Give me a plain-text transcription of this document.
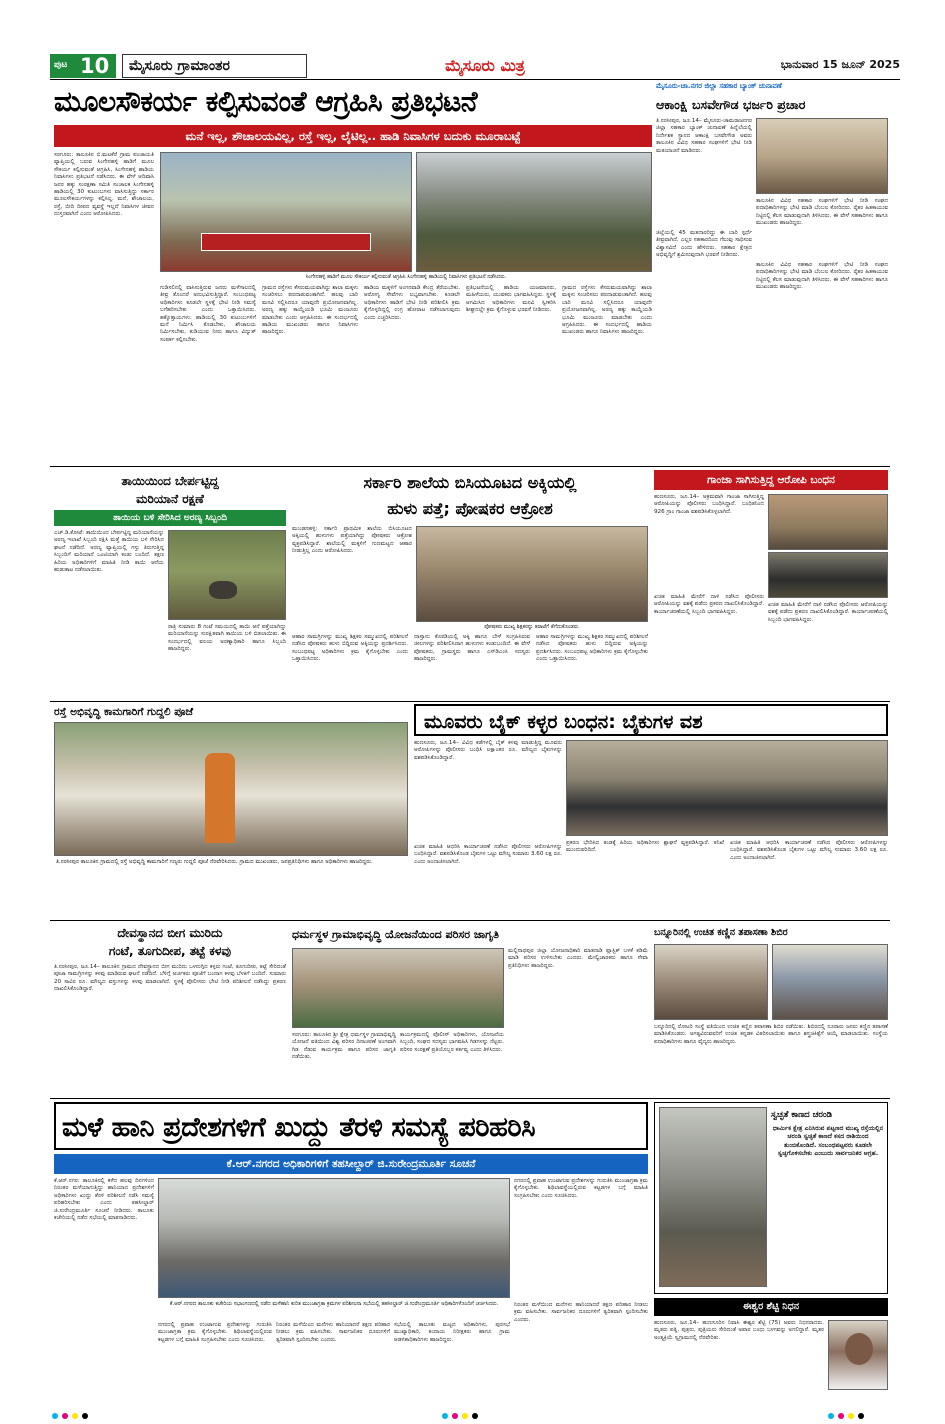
ಪುಟ 10	ಮೈಸೂರು ಗ್ರಾಮಾಂತರ	ಮೈಸೂರು ಮಿತ್ರ	ಭಾನುವಾರ 15 ಜೂನ್ 2025
ಮೂಲಸೌಕರ್ಯ ಕಲ್ಪಿಸುವಂತೆ ಆಗ್ರಹಿಸಿ ಪ್ರತಿಭಟನೆ
ಮನೆ ಇಲ್ಲ, ಶೌಚಾಲಯವಿಲ್ಲ, ರಸ್ತೆ ಇಲ್ಲ, ಲೈಟಿಲ್ಲ.. ಹಾಡಿ ನಿವಾಸಿಗಳ ಬದುಕು ಮೂರಾಬಟ್ಟೆ
ಸರಗೂರು: ತಾಲೂಕಿನ ಬಿ.ಮಟಕೆರೆ ಗ್ರಾಮ ಪಂಚಾಯತಿ ವ್ಯಾಪ್ತಿಯಲ್ಲಿ ಬರುವ ಸಿಂಗೇನಹಳ್ಳಿ ಹಾಡಿಗೆ ಮೂಲ ಸೌಕರ್ಯ ಕಲ್ಪಿಸುವಂತೆ ಆಗ್ರಹಿಸಿ, ಸಿಂಗೇನಹಳ್ಳಿ ಹಾಡಿಯ ನಿವಾಸಿಗಳು ಪ್ರತಿಭಟನೆ ನಡೆಸಿದರು. ಈ ವೇಳೆ ಆದಿವಾಸಿ ಜನರ ಹಕ್ಕು ಸಂರಕ್ಷಣಾ ಸಮಿತಿ ಸಂಚಾಲಕ ಸಿಂಗೇನಹಳ್ಳಿ ಹಾಡಿಯಲ್ಲಿ 30 ಕುಟುಂಬಗಳು ವಾಸಿಸುತ್ತಿದ್ದು ಸರ್ಕಾರ ಮೂಲಸೌಕರ್ಯಗಳನ್ನು ಕಲ್ಪಿಸಿಲ್ಲ. ಮನೆ, ಶೌಚಾಲಯ, ರಸ್ತೆ, ಬೀದಿ ದೀಪದ ವ್ಯವಸ್ಥೆ ಇಲ್ಲದೆ ನಿವಾಸಿಗಳ ಜೀವನ ದುಸ್ತರವಾಗಿದೆ ಎಂದು ಆರೋಪಿಸಿದರು.
ಸಿಂಗೇನಹಳ್ಳಿ ಹಾಡಿಗೆ ಮೂಲ ಸೌಕರ್ಯ ಕಲ್ಪಿಸುವಂತೆ ಆಗ್ರಹಿಸಿ ಸಿಂಗೇನಹಳ್ಳಿ ಹಾಡಿಯಲ್ಲಿ ನಿವಾಸಿಗಳು ಪ್ರತಿಭಟನೆ ನಡೆಸಿದರು.
ಗುಡಿಸಲಿನಲ್ಲಿ ವಾಸಿಸುತ್ತಿರುವ ಜನರು ಮಳೆಗಾಲದಲ್ಲಿ ತೀವ್ರ ತೊಂದರೆ ಅನುಭವಿಸುತ್ತಿದ್ದಾರೆ. ಸಂಬಂಧಪಟ್ಟ ಅಧಿಕಾರಿಗಳು ಕೂಡಲೇ ಸ್ಥಳಕ್ಕೆ ಭೇಟಿ ನೀಡಿ ಸಮಸ್ಯೆ ಬಗೆಹರಿಸಬೇಕು ಎಂದು ಒತ್ತಾಯಿಸಿದರು. ಹಕ್ಕೊತ್ತಾಯಗಳು: ಹಾಡಿಯಲ್ಲಿ 30 ಕುಟುಂಬಗಳಿಗೆ ಮನೆ ನಿರ್ಮಿಸಿ ಕೊಡಬೇಕು, ಶೌಚಾಲಯ ನಿರ್ಮಿಸಬೇಕು, ಕುಡಿಯುವ ನೀರು ಹಾಗೂ ವಿದ್ಯುತ್ ಸಂಪರ್ಕ ಕಲ್ಪಿಸಬೇಕು.
ಗ್ರಾಮದ ರಸ್ತೆಗಳು ಕೆಸರುಮಯವಾಗಿದ್ದು ಶಾಲಾ ಮಕ್ಕಳು ಸಂಚರಿಸಲು ಪರದಾಡುವಂತಾಗಿದೆ. ಹಲವು ಬಾರಿ ಮನವಿ ಸಲ್ಲಿಸಿದರೂ ಯಾವುದೇ ಪ್ರಯೋಜನವಾಗಿಲ್ಲ. ಅರಣ್ಯ ಹಕ್ಕು ಕಾಯ್ದೆಯಡಿ ಭೂಮಿ ಮಂಜೂರು ಮಾಡಬೇಕು ಎಂದು ಆಗ್ರಹಿಸಿದರು. ಈ ಸಂದರ್ಭದಲ್ಲಿ ಹಾಡಿಯ ಮುಖಂಡರು ಹಾಗೂ ನಿವಾಸಿಗಳು ಹಾಜರಿದ್ದರು.
ಹಾಡಿಯ ಮಕ್ಕಳಿಗೆ ಅಂಗನವಾಡಿ ಕೇಂದ್ರ ತೆರೆಯಬೇಕು. ಆರೋಗ್ಯ ಸೇವೆಗಳು ಲಭ್ಯವಾಗಬೇಕು. ಕೂಡಲೇ ಅಧಿಕಾರಿಗಳು ಹಾಡಿಗೆ ಭೇಟಿ ನೀಡಿ ಪರಿಶೀಲಿಸಿ ಕ್ರಮ ಕೈಗೊಳ್ಳದಿದ್ದಲ್ಲಿ ಉಗ್ರ ಹೋರಾಟ ನಡೆಸಲಾಗುವುದು ಎಂದು ಎಚ್ಚರಿಸಿದರು.
ಪ್ರತಿಭಟನೆಯಲ್ಲಿ ಹಾಡಿಯ ಯಜಮಾನರು, ಮಹಿಳೆಯರು, ಯುವಕರು ಭಾಗವಹಿಸಿದ್ದರು. ಸ್ಥಳಕ್ಕೆ ಆಗಮಿಸಿದ ಅಧಿಕಾರಿಗಳು ಮನವಿ ಸ್ವೀಕರಿಸಿ ಶೀಘ್ರದಲ್ಲೇ ಕ್ರಮ ಕೈಗೊಳ್ಳುವ ಭರವಸೆ ನೀಡಿದರು.
ಗ್ರಾಮದ ರಸ್ತೆಗಳು ಕೆಸರುಮಯವಾಗಿದ್ದು ಶಾಲಾ ಮಕ್ಕಳು ಸಂಚರಿಸಲು ಪರದಾಡುವಂತಾಗಿದೆ. ಹಲವು ಬಾರಿ ಮನವಿ ಸಲ್ಲಿಸಿದರೂ ಯಾವುದೇ ಪ್ರಯೋಜನವಾಗಿಲ್ಲ. ಅರಣ್ಯ ಹಕ್ಕು ಕಾಯ್ದೆಯಡಿ ಭೂಮಿ ಮಂಜೂರು ಮಾಡಬೇಕು ಎಂದು ಆಗ್ರಹಿಸಿದರು. ಈ ಸಂದರ್ಭದಲ್ಲಿ ಹಾಡಿಯ ಮುಖಂಡರು ಹಾಗೂ ನಿವಾಸಿಗಳು ಹಾಜರಿದ್ದರು.
ಮೈಸೂರು-ಚಾ.ನಗರ ಜಿಲ್ಲಾ ಸಹಕಾರ ಬ್ಯಾಂಕ್ ಚುನಾವಣೆ
ಆಕಾಂಕ್ಷಿ ಬಸವೇಗೌಡ ಭರ್ಜರಿ ಪ್ರಚಾರ
ತಿ.ನರಸೀಪುರ, ಜೂ.14– ಮೈಸೂರು-ಚಾಮರಾಜನಗರ ಜಿಲ್ಲಾ ಸಹಕಾರ ಬ್ಯಾಂಕ್ ಚುನಾವಣೆ ಹಿನ್ನೆಲೆಯಲ್ಲಿ ನಿರ್ದೇಶಕ ಸ್ಥಾನದ ಆಕಾಂಕ್ಷಿ ಬಸವೇಗೌಡ ಅವರು ತಾಲೂಕಿನ ವಿವಿಧ ಸಹಕಾರ ಸಂಘಗಳಿಗೆ ಭೇಟಿ ನೀಡಿ ಮತಯಾಚನೆ ಮಾಡಿದರು.
ತಾಲೂಕಿನ ವಿವಿಧ ಸಹಕಾರ ಸಂಘಗಳಿಗೆ ಭೇಟಿ ನೀಡಿ ಸಂಘದ ಪದಾಧಿಕಾರಿಗಳನ್ನು ಭೇಟಿ ಮಾಡಿ ಬೆಂಬಲ ಕೋರಿದರು. ರೈತರ ಹಿತಕಾಯುವ ನಿಟ್ಟಿನಲ್ಲಿ ಕೆಲಸ ಮಾಡುವುದಾಗಿ ತಿಳಿಸಿದರು. ಈ ವೇಳೆ ಸಹಕಾರಿಗಳು ಹಾಗೂ ಮುಖಂಡರು ಹಾಜರಿದ್ದರು.
ಜಿಲ್ಲೆಯಲ್ಲಿ 45 ಮತದಾರರಿದ್ದು ಈ ಬಾರಿ ಸ್ಪರ್ಧೆ ತೀವ್ರವಾಗಿದೆ. ಎಲ್ಲರ ಸಹಕಾರದಿಂದ ಗೆಲುವು ಸಾಧಿಸುವ ವಿಶ್ವಾಸವಿದೆ ಎಂದು ಹೇಳಿದರು. ಸಹಕಾರ ಕ್ಷೇತ್ರದ ಅಭಿವೃದ್ಧಿಗೆ ಶ್ರಮಿಸುವುದಾಗಿ ಭರವಸೆ ನೀಡಿದರು.
ತಾಲೂಕಿನ ವಿವಿಧ ಸಹಕಾರ ಸಂಘಗಳಿಗೆ ಭೇಟಿ ನೀಡಿ ಸಂಘದ ಪದಾಧಿಕಾರಿಗಳನ್ನು ಭೇಟಿ ಮಾಡಿ ಬೆಂಬಲ ಕೋರಿದರು. ರೈತರ ಹಿತಕಾಯುವ ನಿಟ್ಟಿನಲ್ಲಿ ಕೆಲಸ ಮಾಡುವುದಾಗಿ ತಿಳಿಸಿದರು. ಈ ವೇಳೆ ಸಹಕಾರಿಗಳು ಹಾಗೂ ಮುಖಂಡರು ಹಾಜರಿದ್ದರು.
ತಾಯಿಯಿಂದ ಬೇರ್ಪಟ್ಟಿದ್ದ
ಮರಿಯಾನೆ ರಕ್ಷಣೆ
ತಾಯಿಯ ಬಳಿ ಸೇರಿಸಿದ ಅರಣ್ಯ ಸಿಬ್ಬಂದಿ
ಎಚ್.ಡಿ.ಕೋಟೆ: ತಾಯಿಯಿಂದ ಬೇರ್ಪಟ್ಟಿದ್ದ ಮರಿಯಾನೆಯನ್ನು ಅರಣ್ಯ ಇಲಾಖೆ ಸಿಬ್ಬಂದಿ ರಕ್ಷಿಸಿ ಮತ್ತೆ ತಾಯಿಯ ಬಳಿ ಸೇರಿಸಿದ ಘಟನೆ ನಡೆದಿದೆ. ಅರಣ್ಯ ವ್ಯಾಪ್ತಿಯಲ್ಲಿ ಗಸ್ತು ತಿರುಗುತ್ತಿದ್ದ ಸಿಬ್ಬಂದಿಗೆ ಮರಿಯಾನೆ ಒಂಟಿಯಾಗಿ ಕಂಡು ಬಂದಿದೆ. ತಕ್ಷಣ ಹಿರಿಯ ಅಧಿಕಾರಿಗಳಿಗೆ ಮಾಹಿತಿ ನೀಡಿ ತಾಯಿ ಆನೆಯ ಹುಡುಕಾಟ ನಡೆಸಲಾಯಿತು.
ರಾತ್ರಿ ಸುಮಾರು 8 ಗಂಟೆ ಸಮಯದಲ್ಲಿ ತಾಯಿ ಆನೆ ಪತ್ತೆಯಾಗಿದ್ದು ಮರಿಯಾನೆಯನ್ನು ಸುರಕ್ಷಿತವಾಗಿ ತಾಯಿಯ ಬಳಿ ಬಿಡಲಾಯಿತು. ಈ ಸಂದರ್ಭದಲ್ಲಿ ವಲಯ ಅರಣ್ಯಾಧಿಕಾರಿ ಹಾಗೂ ಸಿಬ್ಬಂದಿ ಹಾಜರಿದ್ದರು.
ಸರ್ಕಾರಿ ಶಾಲೆಯ ಬಿಸಿಯೂಟದ ಅಕ್ಕಿಯಲ್ಲಿ
ಹುಳು ಪತ್ತೆ; ಪೋಷಕರ ಆಕ್ರೋಶ
ಮುಂಡನಹಳ್ಳಿ: ಸರ್ಕಾರಿ ಪ್ರಾಥಮಿಕ ಶಾಲೆಯ ಬಿಸಿಯೂಟದ ಅಕ್ಕಿಯಲ್ಲಿ ಹುಳುಗಳು ಪತ್ತೆಯಾಗಿದ್ದು ಪೋಷಕರು ಆಕ್ರೋಶ ವ್ಯಕ್ತಪಡಿಸಿದ್ದಾರೆ. ಶಾಲೆಯಲ್ಲಿ ಮಕ್ಕಳಿಗೆ ಗುಣಮಟ್ಟದ ಆಹಾರ ನೀಡುತ್ತಿಲ್ಲ ಎಂದು ಆರೋಪಿಸಿದರು.
ಪೋಷಕರು ಮುಖ್ಯ ಶಿಕ್ಷಕರನ್ನು ತರಾಟೆಗೆ ತೆಗೆದುಕೊಂಡರು.
ಆಹಾರ ಸಾಮಗ್ರಿಗಳನ್ನು ಮುಖ್ಯ ಶಿಕ್ಷಕರ ಸಮ್ಮುಖದಲ್ಲಿ ಪರಿಶೀಲನೆ ನಡೆಸಿದ ಪೋಷಕರು ಹುಳು ಬಿದ್ದಿರುವ ಅಕ್ಕಿಯನ್ನು ಪ್ರದರ್ಶಿಸಿದರು. ಸಂಬಂಧಪಟ್ಟ ಅಧಿಕಾರಿಗಳು ಕ್ರಮ ಕೈಗೊಳ್ಳಬೇಕು ಎಂದು ಒತ್ತಾಯಿಸಿದರು.
ದಾಸ್ತಾನು ಕೊಠಡಿಯಲ್ಲಿ ಅಕ್ಕಿ ಹಾಗೂ ಬೇಳೆ ಸಂಗ್ರಹಿಸಿರುವ ಚೀಲಗಳನ್ನು ಪರಿಶೀಲಿಸಿದಾಗ ಹುಳುಗಳು ಕಂಡುಬಂದಿದೆ. ಈ ವೇಳೆ ಪೋಷಕರು, ಗ್ರಾಮಸ್ಥರು ಹಾಗೂ ಎಸ್‌ಡಿಎಂಸಿ ಸದಸ್ಯರು ಹಾಜರಿದ್ದರು.
ಆಹಾರ ಸಾಮಗ್ರಿಗಳನ್ನು ಮುಖ್ಯ ಶಿಕ್ಷಕರ ಸಮ್ಮುಖದಲ್ಲಿ ಪರಿಶೀಲನೆ ನಡೆಸಿದ ಪೋಷಕರು ಹುಳು ಬಿದ್ದಿರುವ ಅಕ್ಕಿಯನ್ನು ಪ್ರದರ್ಶಿಸಿದರು. ಸಂಬಂಧಪಟ್ಟ ಅಧಿಕಾರಿಗಳು ಕ್ರಮ ಕೈಗೊಳ್ಳಬೇಕು ಎಂದು ಒತ್ತಾಯಿಸಿದರು.
ಗಾಂಜಾ ಸಾಗಿಸುತ್ತಿದ್ದ ಆರೋಪಿ ಬಂಧನ
ಹುಣಸೂರು, ಜೂ.14– ಅಕ್ರಮವಾಗಿ ಗಾಂಜಾ ಸಾಗಿಸುತ್ತಿದ್ದ ಆರೋಪಿಯನ್ನು ಪೊಲೀಸರು ಬಂಧಿಸಿದ್ದಾರೆ. ಬಂಧಿತನಿಂದ 926 ಗ್ರಾಂ ಗಾಂಜಾ ವಶಪಡಿಸಿಕೊಳ್ಳಲಾಗಿದೆ.
ಖಚಿತ ಮಾಹಿತಿ ಮೇರೆಗೆ ದಾಳಿ ನಡೆಸಿದ ಪೊಲೀಸರು ಆರೋಪಿಯನ್ನು ವಶಕ್ಕೆ ಪಡೆದು ಪ್ರಕರಣ ದಾಖಲಿಸಿಕೊಂಡಿದ್ದಾರೆ. ಕಾರ್ಯಾಚರಣೆಯಲ್ಲಿ ಸಿಬ್ಬಂದಿ ಭಾಗವಹಿಸಿದ್ದರು.
ಖಚಿತ ಮಾಹಿತಿ ಮೇರೆಗೆ ದಾಳಿ ನಡೆಸಿದ ಪೊಲೀಸರು ಆರೋಪಿಯನ್ನು ವಶಕ್ಕೆ ಪಡೆದು ಪ್ರಕರಣ ದಾಖಲಿಸಿಕೊಂಡಿದ್ದಾರೆ. ಕಾರ್ಯಾಚರಣೆಯಲ್ಲಿ ಸಿಬ್ಬಂದಿ ಭಾಗವಹಿಸಿದ್ದರು.
ರಸ್ತೆ ಅಭಿವೃದ್ಧಿ ಕಾಮಗಾರಿಗೆ ಗುದ್ದಲಿ ಪೂಜೆ
ತಿ.ನರಸೀಪುರ ತಾಲೂಕಿನ ಗ್ರಾಮದಲ್ಲಿ ರಸ್ತೆ ಅಭಿವೃದ್ಧಿ ಕಾಮಗಾರಿಗೆ ಗಣ್ಯರು ಗುದ್ದಲಿ ಪೂಜೆ ನೆರವೇರಿಸಿದರು. ಗ್ರಾಮದ ಮುಖಂಡರು, ಜನಪ್ರತಿನಿಧಿಗಳು ಹಾಗೂ ಅಧಿಕಾರಿಗಳು ಹಾಜರಿದ್ದರು.
ಮೂವರು ಬೈಕ್ ಕಳ್ಳರ ಬಂಧನ: ಬೈಕುಗಳ ವಶ
ಹುಣಸೂರು, ಜೂ.14– ವಿವಿಧ ಕಡೆಗಳಲ್ಲಿ ಬೈಕ್ ಕಳವು ಮಾಡುತ್ತಿದ್ದ ಮೂವರು ಆರೋಪಿಗಳನ್ನು ಪೊಲೀಸರು ಬಂಧಿಸಿ ಲಕ್ಷಾಂತರ ರೂ. ಮೌಲ್ಯದ ಬೈಕುಗಳನ್ನು ವಶಪಡಿಸಿಕೊಂಡಿದ್ದಾರೆ.
ಖಚಿತ ಮಾಹಿತಿ ಆಧರಿಸಿ ಕಾರ್ಯಾಚರಣೆ ನಡೆಸಿದ ಪೊಲೀಸರು ಆರೋಪಿಗಳನ್ನು ಬಂಧಿಸಿದ್ದಾರೆ. ವಶಪಡಿಸಿಕೊಂಡ ಬೈಕುಗಳ ಒಟ್ಟು ಮೌಲ್ಯ ಸುಮಾರು 3.60 ಲಕ್ಷ ರೂ. ಎಂದು ಅಂದಾಜಿಸಲಾಗಿದೆ.
ಪ್ರಕರಣ ಭೇದಿಸಿದ ತಂಡಕ್ಕೆ ಹಿರಿಯ ಅಧಿಕಾರಿಗಳು ಶ್ಲಾಘನೆ ವ್ಯಕ್ತಪಡಿಸಿದ್ದಾರೆ. ತನಿಖೆ ಮುಂದುವರಿದಿದೆ.
ಖಚಿತ ಮಾಹಿತಿ ಆಧರಿಸಿ ಕಾರ್ಯಾಚರಣೆ ನಡೆಸಿದ ಪೊಲೀಸರು ಆರೋಪಿಗಳನ್ನು ಬಂಧಿಸಿದ್ದಾರೆ. ವಶಪಡಿಸಿಕೊಂಡ ಬೈಕುಗಳ ಒಟ್ಟು ಮೌಲ್ಯ ಸುಮಾರು 3.60 ಲಕ್ಷ ರೂ. ಎಂದು ಅಂದಾಜಿಸಲಾಗಿದೆ.
ದೇವಸ್ಥಾನದ ಬೀಗ ಮುರಿದು
ಗಂಟೆ, ತೂಗುದೀಪ, ತಟ್ಟೆ ಕಳವು
ತಿ.ನರಸೀಪುರ, ಜೂ.14– ತಾಲೂಕಿನ ಗ್ರಾಮದ ದೇವಸ್ಥಾನದ ಬೀಗ ಮುರಿದು ಒಳನುಗ್ಗಿದ ಕಳ್ಳರು ಗಂಟೆ, ತೂಗುದೀಪ, ತಟ್ಟೆ ಸೇರಿದಂತೆ ಪೂಜಾ ಸಾಮಗ್ರಿಗಳನ್ನು ಕಳವು ಮಾಡಿರುವ ಘಟನೆ ನಡೆದಿದೆ. ಬೆಳಿಗ್ಗೆ ಅರ್ಚಕರು ಪೂಜೆಗೆ ಬಂದಾಗ ಕಳವು ಬೆಳಕಿಗೆ ಬಂದಿದೆ. ಸುಮಾರು 20 ಸಾವಿರ ರೂ. ಮೌಲ್ಯದ ವಸ್ತುಗಳನ್ನು ಕಳವು ಮಾಡಲಾಗಿದೆ. ಸ್ಥಳಕ್ಕೆ ಪೊಲೀಸರು ಭೇಟಿ ನೀಡಿ ಪರಿಶೀಲನೆ ನಡೆಸಿದ್ದು ಪ್ರಕರಣ ದಾಖಲಿಸಿಕೊಂಡಿದ್ದಾರೆ.
ಧರ್ಮಸ್ಥಳ ಗ್ರಾಮಾಭಿವೃದ್ಧಿ ಯೋಜನೆಯಿಂದ ಪರಿಸರ ಜಾಗೃತಿ
ಮಲ್ಲಿನಾಥಪುರ ಜಿಲ್ಲಾ ಯೋಜನಾಧಿಕಾರಿ ಮಾತನಾಡಿ ಪ್ಲಾಸ್ಟಿಕ್ ಬಳಕೆ ಕಡಿಮೆ ಮಾಡಿ ಪರಿಸರ ಉಳಿಸಬೇಕು ಎಂದರು. ಮೇಲ್ವಿಚಾರಕರು ಹಾಗೂ ಸೇವಾ ಪ್ರತಿನಿಧಿಗಳು ಹಾಜರಿದ್ದರು.
ಸರಗೂರು: ತಾಲೂಕಿನ ಶ್ರೀ ಕ್ಷೇತ್ರ ಧರ್ಮಸ್ಥಳ ಗ್ರಾಮಾಭಿವೃದ್ಧಿ ಯೋಜನೆ ವತಿಯಿಂದ ವಿಶ್ವ ಪರಿಸರ ದಿನಾಚರಣೆ ಅಂಗವಾಗಿ ಗಿಡ ನೆಡುವ ಕಾರ್ಯಕ್ರಮ ಹಾಗೂ ಪರಿಸರ ಜಾಗೃತಿ ನಡೆಯಿತು.
ಕಾರ್ಯಕ್ರಮದಲ್ಲಿ ಪೊಲೀಸ್ ಅಧಿಕಾರಿಗಳು, ಯೋಜನೆಯ ಸಿಬ್ಬಂದಿ, ಸಂಘದ ಸದಸ್ಯರು ಭಾಗವಹಿಸಿ ಗಿಡಗಳನ್ನು ನೆಟ್ಟರು. ಪರಿಸರ ಸಂರಕ್ಷಣೆ ಪ್ರತಿಯೊಬ್ಬರ ಕರ್ತವ್ಯ ಎಂದು ತಿಳಿಸಿದರು.
ಬನ್ನೂರಿನಲ್ಲಿ ಉಚಿತ ಕಣ್ಣಿನ ತಪಾಸಣಾ ಶಿಬಿರ
ಬನ್ನೂರಿನಲ್ಲಿ ರೋಟರಿ ಸಂಸ್ಥೆ ವತಿಯಿಂದ ಉಚಿತ ಕಣ್ಣಿನ ತಪಾಸಣಾ ಶಿಬಿರ ನಡೆಯಿತು. ಶಿಬಿರದಲ್ಲಿ ನೂರಾರು ಜನರು ಕಣ್ಣಿನ ತಪಾಸಣೆ ಮಾಡಿಸಿಕೊಂಡರು. ಅಗತ್ಯವಿರುವವರಿಗೆ ಉಚಿತ ಕನ್ನಡಕ ವಿತರಿಸಲಾಯಿತು ಹಾಗೂ ಶಸ್ತ್ರಚಿಕಿತ್ಸೆಗೆ ಆಯ್ಕೆ ಮಾಡಲಾಯಿತು. ಸಂಸ್ಥೆಯ ಪದಾಧಿಕಾರಿಗಳು ಹಾಗೂ ವೈದ್ಯರು ಹಾಜರಿದ್ದರು.
ಮಳೆ ಹಾನಿ ಪ್ರದೇಶಗಳಿಗೆ ಖುದ್ದು ತೆರಳಿ ಸಮಸ್ಯೆ ಪರಿಹರಿಸಿ
ಕೆ.ಆರ್.ನಗರದ ಅಧಿಕಾರಿಗಳಿಗೆ ತಹಸೀಲ್ದಾರ್ ಜಿ.ಸುರೇಂದ್ರಮೂರ್ತಿ ಸೂಚನೆ
ಕೆ.ಆರ್.ನಗರ: ತಾಲೂಕಿನಲ್ಲಿ ಕಳೆದ ಹಲವು ದಿನಗಳಿಂದ ನಿರಂತರ ಮಳೆಯಾಗುತ್ತಿದ್ದು ಹಾನಿಯಾದ ಪ್ರದೇಶಗಳಿಗೆ ಅಧಿಕಾರಿಗಳು ಖುದ್ದು ತೆರಳಿ ಪರಿಶೀಲನೆ ನಡೆಸಿ ಸಮಸ್ಯೆ ಪರಿಹರಿಸಬೇಕು ಎಂದು ತಹಸೀಲ್ದಾರ್ ಜಿ.ಸುರೇಂದ್ರಮೂರ್ತಿ ಸೂಚನೆ ನೀಡಿದರು. ತಾಲೂಕು ಕಚೇರಿಯಲ್ಲಿ ನಡೆದ ಸಭೆಯಲ್ಲಿ ಮಾತನಾಡಿದರು.
ನಗರದಲ್ಲಿ ಪ್ರವಾಹ ಉಂಟಾಗುವ ಪ್ರದೇಶಗಳನ್ನು ಗುರುತಿಸಿ ಮುಂಜಾಗ್ರತಾ ಕ್ರಮ ಕೈಗೊಳ್ಳಬೇಕು. ಶಿಥಿಲಾವಸ್ಥೆಯಲ್ಲಿರುವ ಕಟ್ಟಡಗಳ ಬಗ್ಗೆ ಮಾಹಿತಿ ಸಂಗ್ರಹಿಸಬೇಕು ಎಂದು ಸೂಚಿಸಿದರು.
ಕೆ.ಆರ್.ನಗರದ ತಾಲೂಕು ಕಚೇರಿಯ ಸಭಾಂಗಣದಲ್ಲಿ ನಡೆದ ಮಳೆಹಾನಿ ಕುರಿತ ಮುಂಜಾಗ್ರತಾ ಕ್ರಮಗಳ ಪರಿಶೀಲನಾ ಸಭೆಯಲ್ಲಿ ತಹಸೀಲ್ದಾರ್ ಜಿ.ಸುರೇಂದ್ರಮೂರ್ತಿ ಅಧಿಕಾರಿಗಳೊಂದಿಗೆ ಚರ್ಚಿಸಿದರು.
ನಗರದಲ್ಲಿ ಪ್ರವಾಹ ಉಂಟಾಗುವ ಪ್ರದೇಶಗಳನ್ನು ಗುರುತಿಸಿ ಮುಂಜಾಗ್ರತಾ ಕ್ರಮ ಕೈಗೊಳ್ಳಬೇಕು. ಶಿಥಿಲಾವಸ್ಥೆಯಲ್ಲಿರುವ ಕಟ್ಟಡಗಳ ಬಗ್ಗೆ ಮಾಹಿತಿ ಸಂಗ್ರಹಿಸಬೇಕು ಎಂದು ಸೂಚಿಸಿದರು.
ನಿರಂತರ ಮಳೆಯಿಂದ ಮನೆಗಳು ಹಾನಿಯಾದರೆ ತಕ್ಷಣ ಪರಿಹಾರ ನೀಡಲು ಕ್ರಮ ವಹಿಸಬೇಕು. ಸಾರ್ವಜನಿಕರ ದೂರುಗಳಿಗೆ ತ್ವರಿತವಾಗಿ ಸ್ಪಂದಿಸಬೇಕು ಎಂದರು.
ಸಭೆಯಲ್ಲಿ ತಾಲೂಕು ಮಟ್ಟದ ಅಧಿಕಾರಿಗಳು, ಪುರಸಭೆ ಮುಖ್ಯಾಧಿಕಾರಿ, ಕಂದಾಯ ನಿರೀಕ್ಷಕರು ಹಾಗೂ ಗ್ರಾಮ ಆಡಳಿತಾಧಿಕಾರಿಗಳು ಹಾಜರಿದ್ದರು.
ನಿರಂತರ ಮಳೆಯಿಂದ ಮನೆಗಳು ಹಾನಿಯಾದರೆ ತಕ್ಷಣ ಪರಿಹಾರ ನೀಡಲು ಕ್ರಮ ವಹಿಸಬೇಕು. ಸಾರ್ವಜನಿಕರ ದೂರುಗಳಿಗೆ ತ್ವರಿತವಾಗಿ ಸ್ಪಂದಿಸಬೇಕು ಎಂದರು.
ಸ್ವಚ್ಛತೆ ಕಾಣದ ಚರಂಡಿ
ಧಾರ್ಮಿಕ ಕ್ಷೇತ್ರ ಎನಿಸಿರುವ ಪಟ್ಟಣದ ಮುಖ್ಯ ರಸ್ತೆಯಲ್ಲಿನ ಚರಂಡಿ ಸ್ವಚ್ಛತೆ ಕಾಣದೆ ಕಸದ ರಾಶಿಯಿಂದ ತುಂಬಿಕೊಂಡಿದೆ. ಸಂಬಂಧಪಟ್ಟವರು ಕೂಡಲೇ ಸ್ವಚ್ಛಗೊಳಿಸಬೇಕು ಎಂಬುದು ಸಾರ್ವಜನಿಕರ ಆಗ್ರಹ.
ಈಶ್ವರ ಶೆಟ್ಟಿ ನಿಧನ
ಹುಣಸೂರು, ಜೂ.14– ಹುಣಸೂರಿನ ನಿವಾಸಿ ಈಶ್ವರ ಶೆಟ್ಟಿ (75) ಅವರು ನಿಧನರಾದರು. ಮೃತರು ಪತ್ನಿ, ಪುತ್ರರು, ಪುತ್ರಿಯರು ಸೇರಿದಂತೆ ಅಪಾರ ಬಂಧು ಬಳಗವನ್ನು ಅಗಲಿದ್ದಾರೆ. ಮೃತರ ಅಂತ್ಯಕ್ರಿಯೆ ಸ್ವಗ್ರಾಮದಲ್ಲಿ ನೆರವೇರಿತು.
